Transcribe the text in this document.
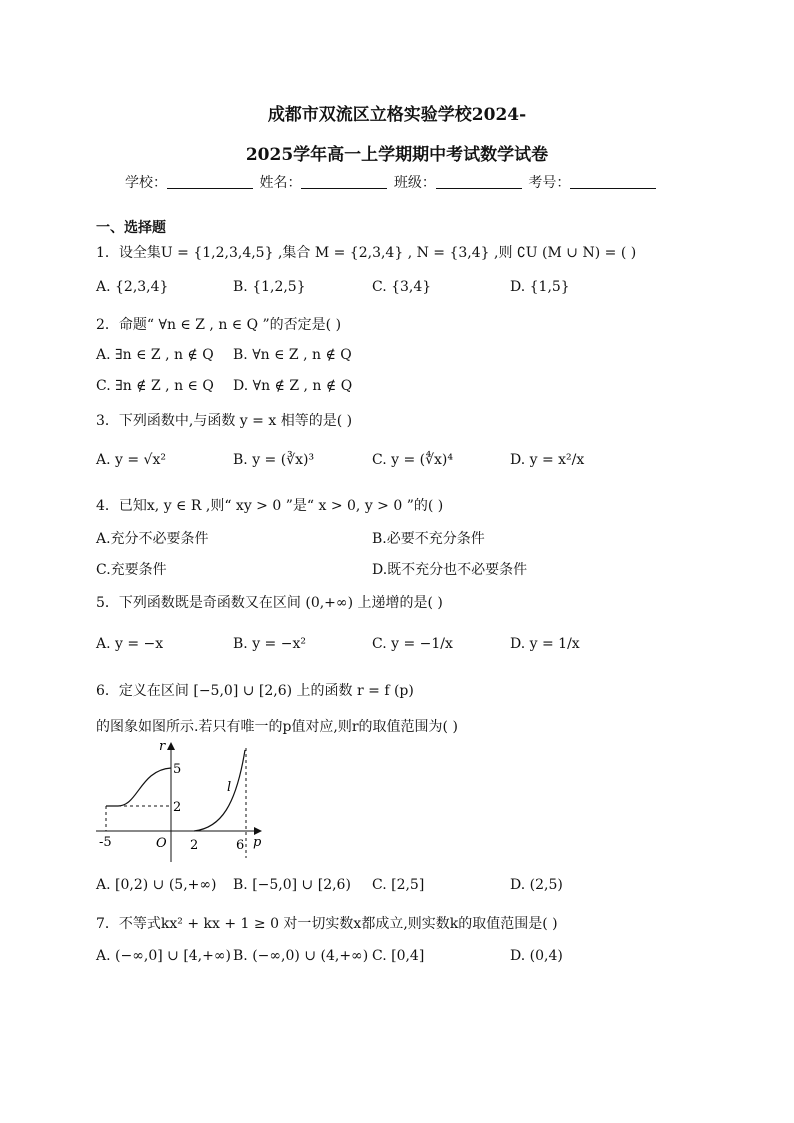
成都市双流区立格实验学校2024-
2025学年高一上学期期中考试数学试卷
学校：	姓名：	班级：	考号：
一、选择题
1．设全集U = {1,2,3,4,5} ,集合 M = {2,3,4} , N = {3,4} ,则 ∁U (M ∪ N) = ( )
A. {2,3,4}	B. {1,2,5}	C. {3,4}	D. {1,5}
2．命题“ ∀n ∈ Z , n ∈ Q ”的否定是( )
A. ∃n ∈ Z , n ∉ Q B. ∀n ∈ Z , n ∉ Q
C. ∃n ∉ Z , n ∈ Q D. ∀n ∉ Z , n ∉ Q
3．下列函数中,与函数 y = x 相等的是( )
A. y = √x²	B. y = (∛x)³	C. y = (∜x)⁴	D. y = x²/x
4．已知x, y ∈ R ,则“ xy > 0 ”是“ x > 0, y > 0 ”的( )
A.充分不必要条件	B.必要不充分条件
C.充要条件	D.既不充分也不必要条件
5．下列函数既是奇函数又在区间 (0,+∞) 上递增的是( )
A. y = −x	B. y = −x²	C. y = −1/x	D. y = 1/x
6．定义在区间 [−5,0] ∪ [2,6) 上的函数 r = f (p)
的图象如图所示.若只有唯一的p值对应,则r的取值范围为( )
r
p
O
-5	2	6
5
2
l
A. [0,2) ∪ (5,+∞) B. [−5,0] ∪ [2,6) C. [2,5]	D. (2,5)
7．不等式kx² + kx + 1 ≥ 0 对一切实数x都成立,则实数k的取值范围是( )
A. (−∞,0] ∪ [4,+∞) B. (−∞,0) ∪ (4,+∞) C. [0,4]	D. (0,4)
